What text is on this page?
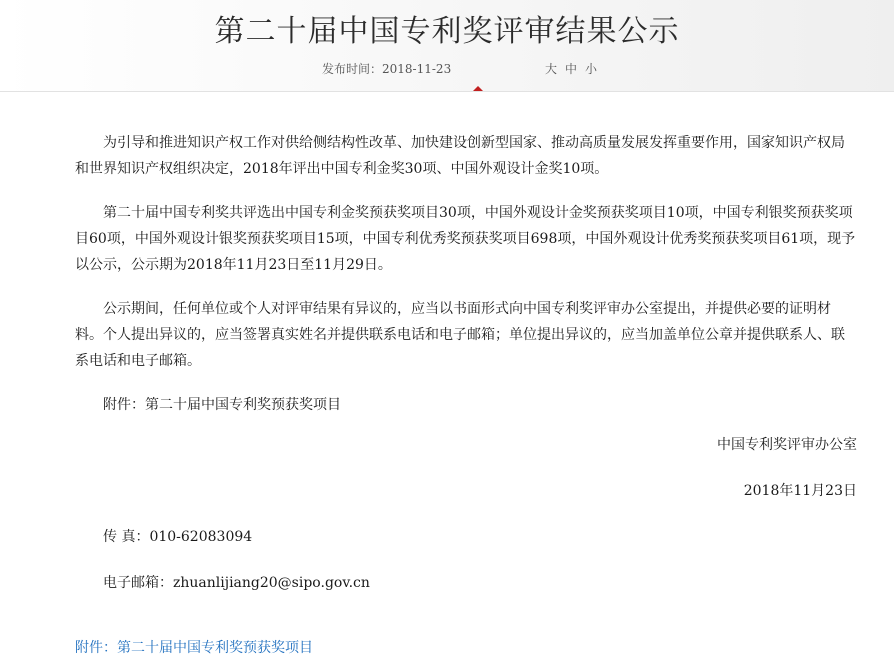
第二十届中国专利奖评审结果公示
发布时间：2018-11-23	大中小

为引导和推进知识产权工作对供给侧结构性改革、加快建设创新型国家、推动高质量发展发挥重要作用，国家知识产权局和世界知识产权组织决定，2018年评出中国专利金奖30项、中国外观设计金奖10项。

第二十届中国专利奖共评选出中国专利金奖预获奖项目30项，中国外观设计金奖预获奖项目10项，中国专利银奖预获奖项目60项，中国外观设计银奖预获奖项目15项，中国专利优秀奖预获奖项目698项，中国外观设计优秀奖预获奖项目61项，现予以公示，公示期为2018年11月23日至11月29日。

公示期间，任何单位或个人对评审结果有异议的，应当以书面形式向中国专利奖评审办公室提出，并提供必要的证明材料。个人提出异议的，应当签署真实姓名并提供联系电话和电子邮箱；单位提出异议的，应当加盖单位公章并提供联系人、联系电话和电子邮箱。

附件：第二十届中国专利奖预获奖项目

中国专利奖评审办公室

2018年11月23日

传 真：010-62083094

电子邮箱：zhuanlijiang20@sipo.gov.cn

附件：第二十届中国专利奖预获奖项目
